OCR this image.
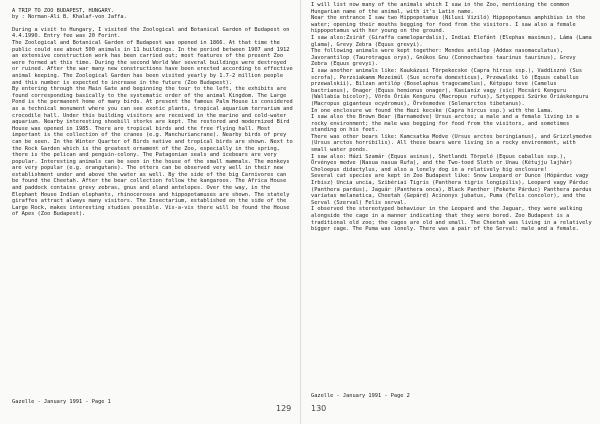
A TRIP TO ZOO BUDAPEST, HUNGARY.

by : Norman-Ali B. Khalaf-von Jaffa.

During a visit to Hungary, I visited the Zoological and Botanical Garden of Budapest on 4.4.1990. Entry fee was 20 Forint.

The Zoological and Botanical Garden of Budapest was opened in 1866. At that time the public could see about 500 animals in 11 buildings. In the period between 1907 and 1912 an extensive construction work has been carried out; most features of the present Zoo were formed at this time. During the second World War several buildings were destroyed or ruined. After the war many new constructions have been erected according to effective animal keeping. The Zoological Garden has been visited yearly by 1.7-2 million people and this number is expected to increase in the future (Zoo Budapest).

By entering through the Main Gate and beginning the tour to the left, the exhibits are found corresponding basically to the systematic order of the animal Kingdom. The Large Pond is the permanent home of many birds. At present the famous Palm House is considered as a technical monument where you can see exotic plants, tropical aquarium terrarium and crocodile hall. Under this building visitors are received in the marine and cold-water aquarium. Nearby interesting shoebill storks are kept. The restored and modernized Bird House was opened in 1985. There are tropical birds and the free flying hall. Most important is the collection of the cranes (e.g. Manchuriancrane). Nearby birds of prey can be seen. In the Winter Quarter of Birds native and tropical birds are shown. Next to the Rock Garden which is the greatest ornament of the Zoo, especially in the spring, there is the pelican and penguin-colony. The Patagonian seals and icebears are very popular. Interesting animals can be seen in the house of the small mammals. The monkeys are very popular (e.g. orangutans). The otters can be observed very well in their new establishment under and above the water as well. By the side of the big Carnivores can be found the Cheetah. After the bear collection follow the kangaroos. The Africa House and paddock contains grevy zebras, gnus and eland antelopes. Over the way, in the Elephant House Indian elephants, rhinoceroses and hippopotamuses are shown. The stately giraffes attract always many visitors. The Insectarium, established on the side of the Large Rock, makes interesting studies possible. Vis-a-vis there will be found the House of Apes (Zoo Budapest).

Gazelle - January 1991 - Page 1

I will list now many of the animals which I saw in the Zoo, mentioning the common Hungarian name of the animal, with it's Latin name.

Near the entrance I saw two Hippopotamus (Nilusi Viziló) Hippopotamus amphibius in the water; opening their mouths begging for food from the visitors. I saw also a female hippopotamus with her young on the ground.

I saw also:Zsiráf (Giraffa camelopardalis), Indiai Elefánt (Elephas maximus), Láma (Lama glama), Grevy Zebra (Equus grevyi).

The following animals were kept together: Mendes antilop (Addax nasomaculatus), Javorantilop (Taurotragus oryx), Gnúkos Gnu (Connochaetes taurinus taurinus), Grevy Zebra (Equus grevyi).

I saw another animals like: Kaukázusi Törpekecske (Capra hircus ssp.), Vaddisznó (Sus scrofa), Perzsiakamm Mezeimúl (Sus scrofa domesticus), Przewalski ló (Equus caballus przewalskii), Bilzan antilóp (Boselaphus tragocamelus), Kétpupu teve (Camelus bactrianus), Onager (Equus hemionus onager), Kasianiz vagy (sic) Mocsári Kenguru (Wallabia bicolor), Vörös Óriás Kenguru (Macropus rufus), Sztyeppei Szürke Óriáskenguru (Macropus giganteus ocydromus), Örvösmedve (Selenarctos tibetanus).

In one enclosure we found the Hazi kecske (Capra hircus ssp.) with the Lama.

I saw also the Brown Bear (Barnamedve) Ursus arctos; a male and a female living in a rocky environment; the male was begging for food from the visitors, and sometimes standing on his feet.

There was other bears like: Kamcsatka Medve (Ursus arctos beringianus), and Grizzlymedve (Ursus arctos horribilis). All these bears were living in a rocky environment, with small water ponds.

I saw also: Házi Szamár (Equus asinus), Shetlandi Törpeló (Equus caballus ssp.), Örvényes medve (Nasua nasua Rufa), and the Two-toed Sloth or Unau (Kétujju lajhár) Choloepus didactylus, and also a lonely dog in a relatively big enclosure!

Several cat species are kept in Zoo Budapest like: Snow Leopard or Ounce (Hópárduc vagy Irbisz) Uncia uncia, Szibériai Tigris (Panthera tigris longipilis), Leopard vagy Párduc (Panthera pardus), Jaguár (Panthera onca), Black Panther (Fekete Párduc) Panthera pardus variatas melanatica, Cheetah (Gepárd) Acinonyx jubatus, Puma (Felis concolor), and the Serval (Szerval) Felis serval.

I observed the stereotyped behaviour in the Leopard and the Jaguar, they were walking alongside the cage in a manner indicating that they were bored. Zoo Budapest is a traditional old zoo; the cages are old and small. The Cheetah was living in a relatively bigger cage. The Puma was lonely. There was a pair of the Serval: male and a female.

Gazelle - January 1991 - Page 2
129 130
